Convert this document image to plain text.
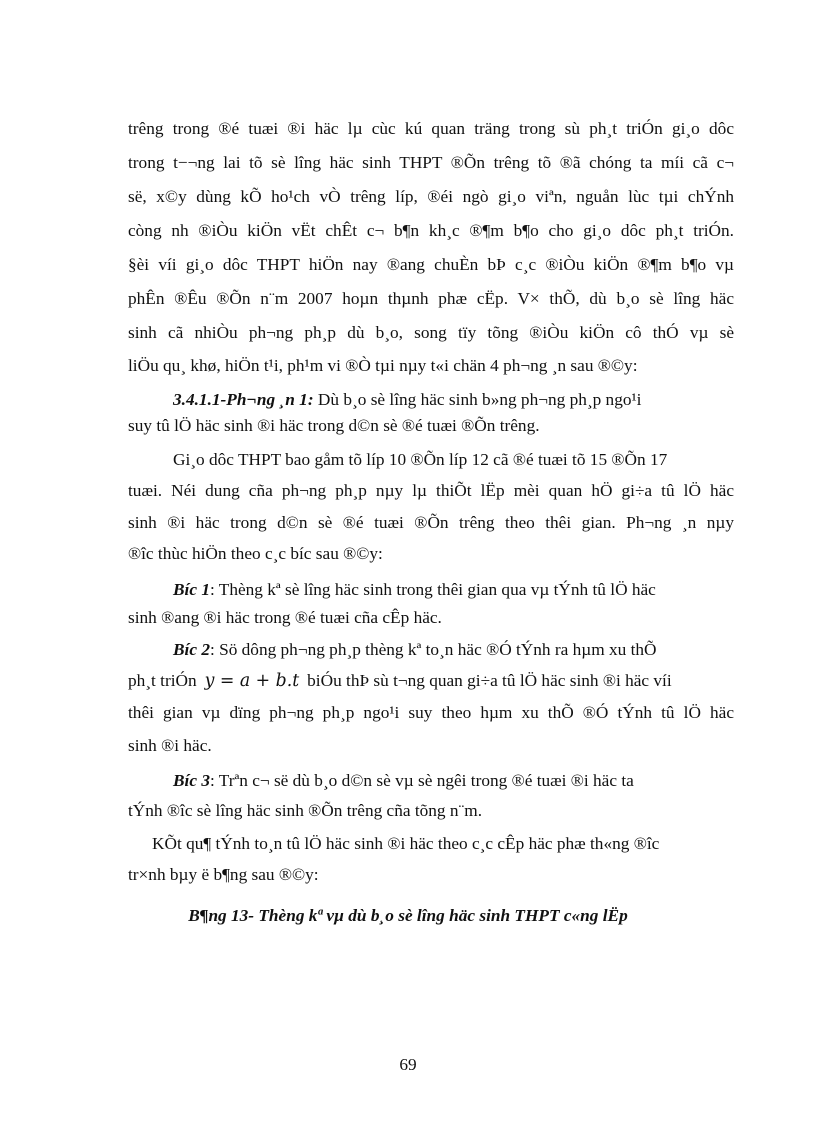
trêng trong ®é tuæi ®i häc lµ cùc kú quan träng trong sù ph¸t triÓn gi¸o dôc
trong t−¬ng lai tõ sè lîng häc sinh THPT ®Õn trêng tõ ®ã chóng ta míi cã c¬
së, x©y dùng kÕ ho¹ch vÒ trêng líp, ®éi ngò gi¸o viªn, nguån lùc tµi chÝnh
còng nh ®iÒu kiÖn vËt chÊt c¬ b¶n kh¸c ®¶m b¶o cho gi¸o dôc ph¸t triÓn.
§èi víi gi¸o dôc THPT hiÖn nay ®ang chuÈn bÞ c¸c ®iÒu kiÖn ®¶m b¶o vµ
phÊn ®Êu ®Õn n¨m 2007 hoµn thµnh phæ cËp. V× thÕ, dù b¸o sè lîng häc
sinh cã nhiÒu ph¬ng ph¸p dù b¸o, song tïy tõng ®iÒu kiÖn cô thÓ vµ sè
liÖu qu¸ khø, hiÖn t¹i, ph¹m vi ®Ò tµi nµy t«i chän 4 ph¬ng ¸n sau ®©y:
3.4.1.1-Ph¬ng ¸n 1: Dù b¸o sè lîng häc sinh b»ng ph¬ng ph¸p ngo¹i
suy tû lÖ häc sinh ®i häc trong d©n sè ®é tuæi ®Õn trêng.
Gi¸o dôc THPT bao gåm tõ líp 10 ®Õn líp 12 cã ®é tuæi tõ 15 ®Õn 17
tuæi. Néi dung cña ph¬ng ph¸p nµy lµ thiÕt lËp mèi quan hÖ gi÷a tû lÖ häc
sinh ®i häc trong d©n sè ®é tuæi ®Õn trêng theo thêi gian. Ph¬ng ¸n nµy
®îc thùc hiÖn theo c¸c bíc sau ®©y:
Bíc 1: Thèng kª sè lîng häc sinh trong thêi gian qua vµ tÝnh tû lÖ häc
sinh ®ang ®i häc trong ®é tuæi cña cÊp häc.
Bíc 2: Sö dông ph¬ng ph¸p thèng kª to¸n häc ®Ó tÝnh ra hµm xu thÕ
ph¸t triÓn y = a + b.t biÓu thÞ sù t¬ng quan gi÷a tû lÖ häc sinh ®i häc víi
thêi gian vµ dïng ph¬ng ph¸p ngo¹i suy theo hµm xu thÕ ®Ó tÝnh tû lÖ häc
sinh ®i häc.
Bíc 3: Trªn c¬ së dù b¸o d©n sè vµ sè ngêi trong ®é tuæi ®i häc ta
tÝnh ®îc sè lîng häc sinh ®Õn trêng cña tõng n¨m.
KÕt qu¶ tÝnh to¸n tû lÖ häc sinh ®i häc theo c¸c cÊp häc phæ th«ng ®îc
tr×nh bµy ë b¶ng sau ®©y:
B¶ng 13- Thèng kª vµ dù b¸o sè lîng häc sinh THPT c«ng lËp
69
